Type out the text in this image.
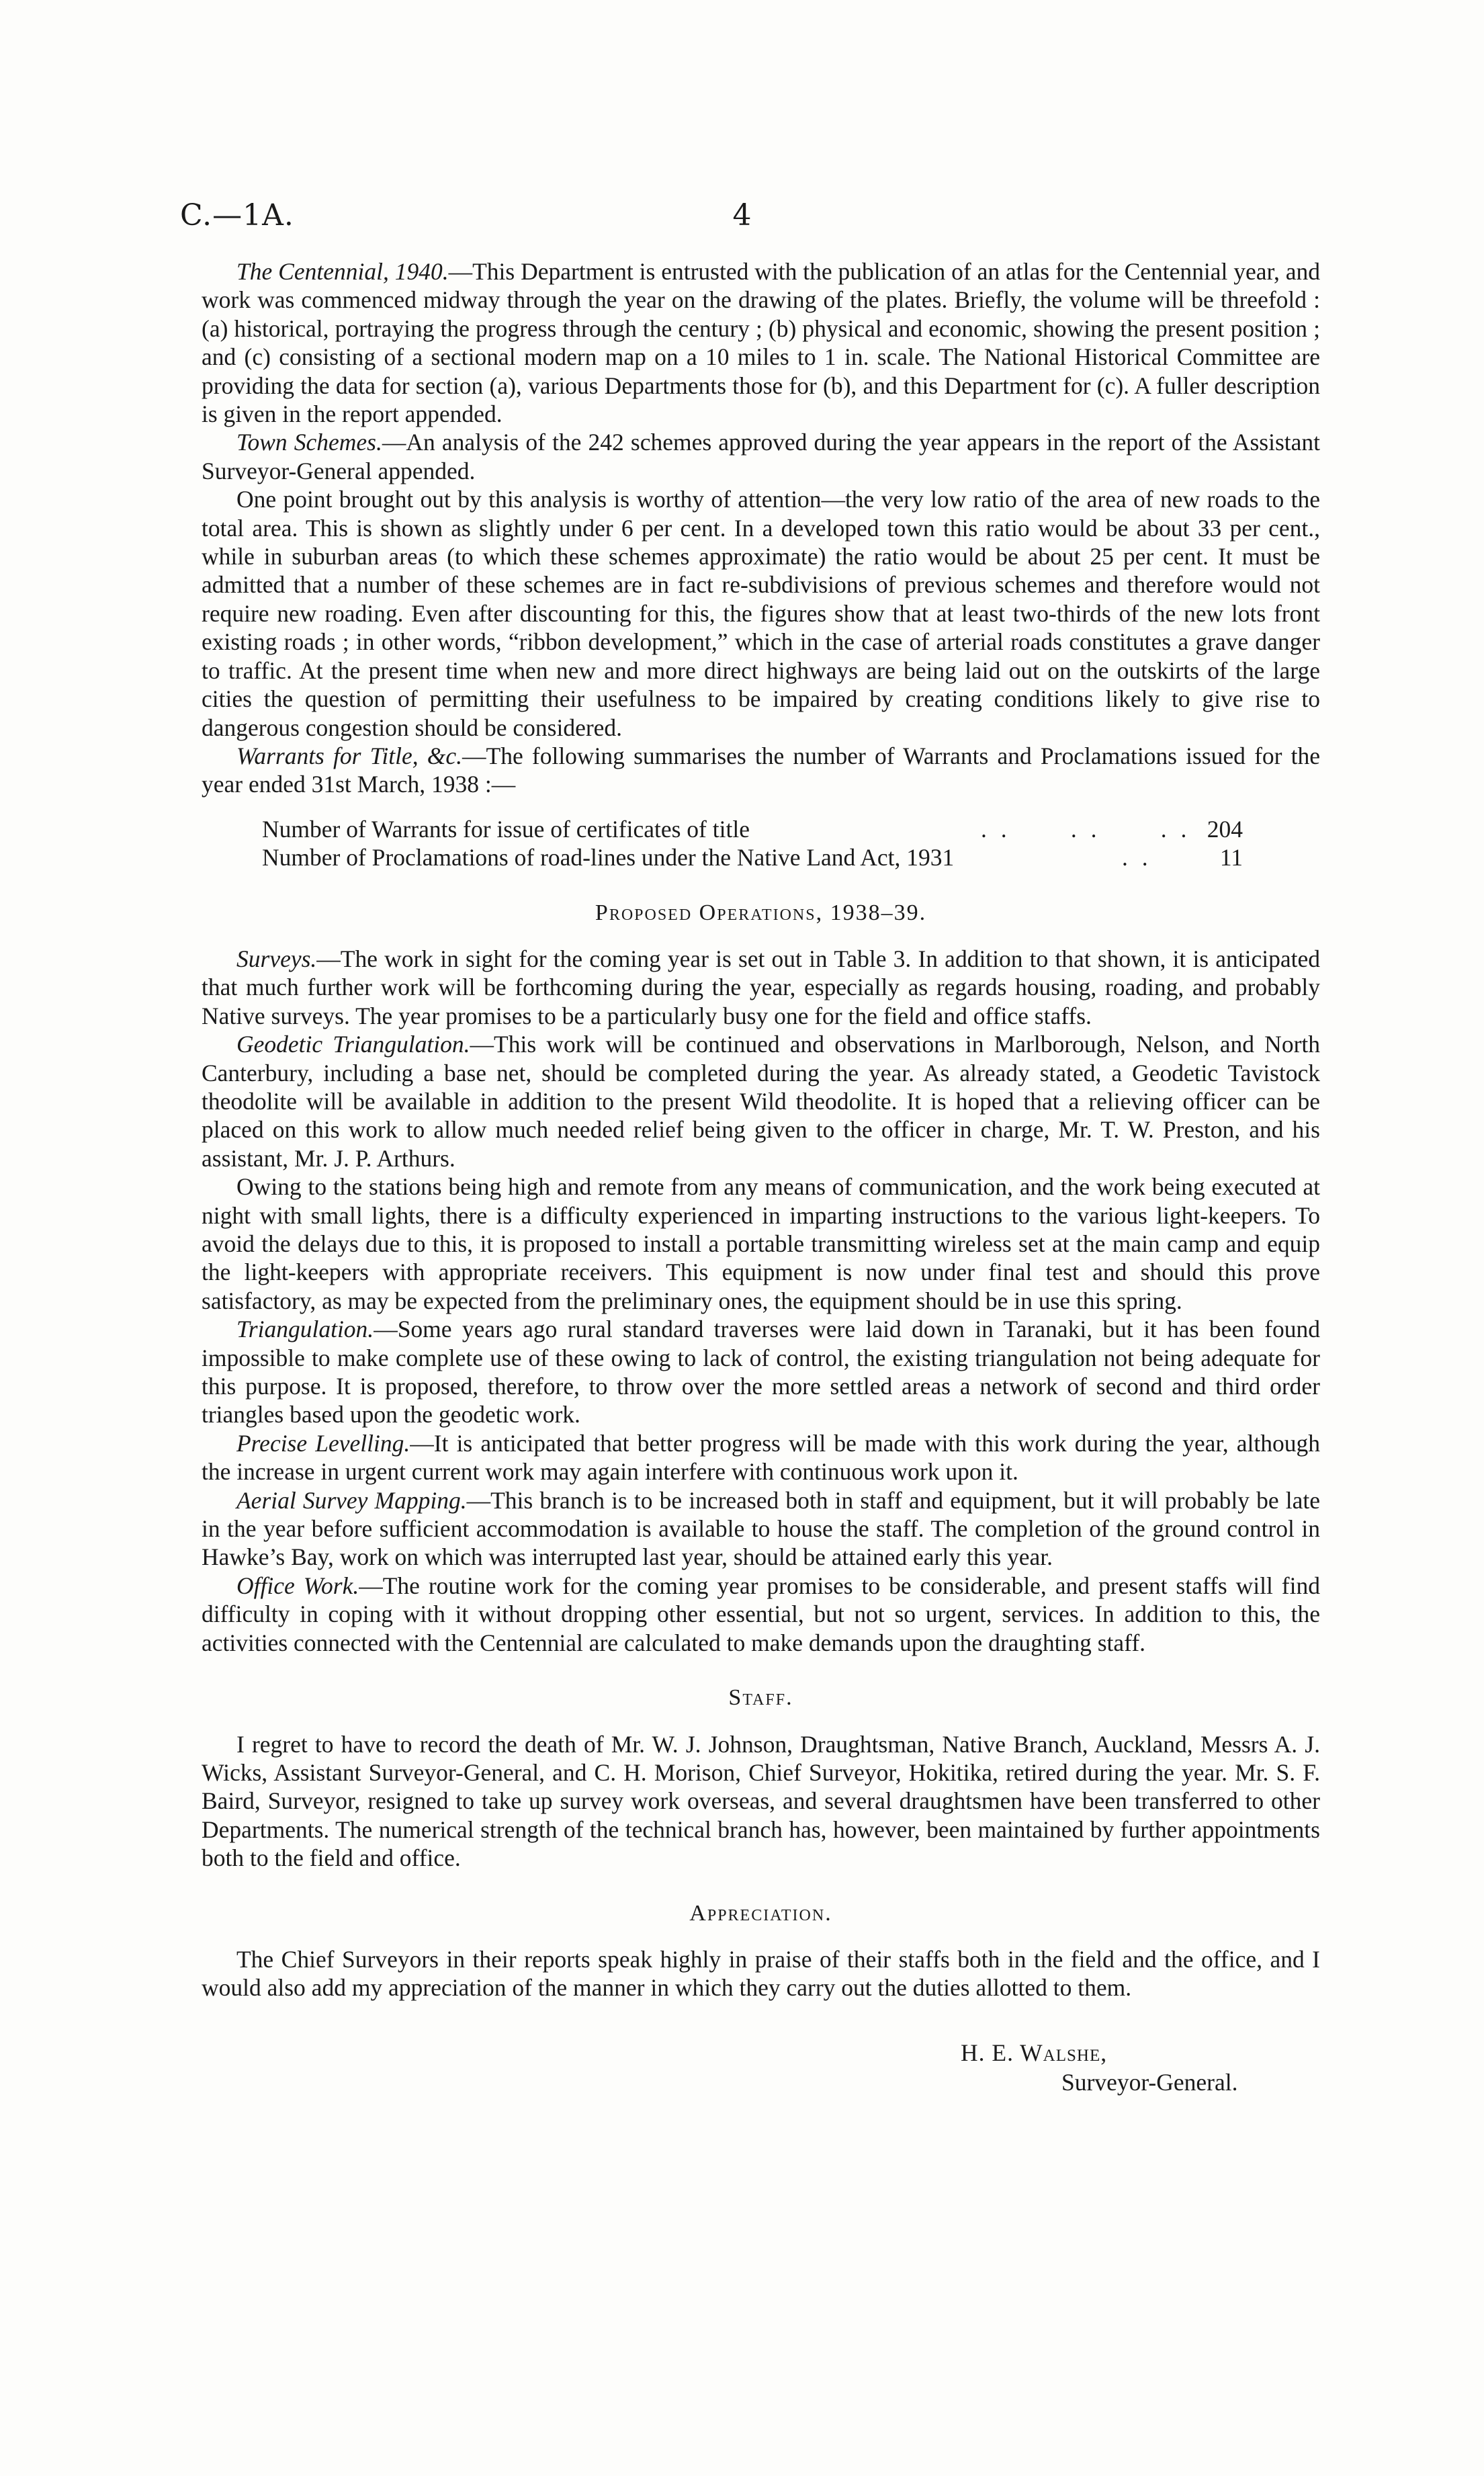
C.—1A.	4

The Centennial, 1940.—This Department is entrusted with the publication of an atlas for the Centennial year, and work was commenced midway through the year on the drawing of the plates. Briefly, the volume will be threefold : (a) historical, portraying the progress through the century ; (b) physical and economic, showing the present position ; and (c) consisting of a sectional modern map on a 10 miles to 1 in. scale. The National Historical Committee are providing the data for section (a), various Departments those for (b), and this Department for (c). A fuller description is given in the report appended.

Town Schemes.—An analysis of the 242 schemes approved during the year appears in the report of the Assistant Surveyor-General appended.

One point brought out by this analysis is worthy of attention—the very low ratio of the area of new roads to the total area. This is shown as slightly under 6 per cent. In a developed town this ratio would be about 33 per cent., while in suburban areas (to which these schemes approximate) the ratio would be about 25 per cent. It must be admitted that a number of these schemes are in fact re-subdivisions of previous schemes and therefore would not require new roading. Even after discounting for this, the figures show that at least two-thirds of the new lots front existing roads ; in other words, “ribbon development,” which in the case of arterial roads constitutes a grave danger to traffic. At the present time when new and more direct highways are being laid out on the outskirts of the large cities the question of permitting their usefulness to be impaired by creating conditions likely to give rise to dangerous congestion should be considered.

Warrants for Title, &c.—The following summarises the number of Warrants and Proclamations issued for the year ended 31st March, 1938 :—

Number of Warrants for issue of certificates of title	. .      . .      . . 204
Number of Proclamations of road-lines under the Native Land Act, 1931	. .	11
Proposed Operations, 1938–39.

Surveys.—The work in sight for the coming year is set out in Table 3. In addition to that shown, it is anticipated that much further work will be forthcoming during the year, especially as regards housing, roading, and probably Native surveys. The year promises to be a particularly busy one for the field and office staffs.

Geodetic Triangulation.—This work will be continued and observations in Marlborough, Nelson, and North Canterbury, including a base net, should be completed during the year. As already stated, a Geodetic Tavistock theodolite will be available in addition to the present Wild theodolite. It is hoped that a relieving officer can be placed on this work to allow much needed relief being given to the officer in charge, Mr. T. W. Preston, and his assistant, Mr. J. P. Arthurs.

Owing to the stations being high and remote from any means of communication, and the work being executed at night with small lights, there is a difficulty experienced in imparting instructions to the various light-keepers. To avoid the delays due to this, it is proposed to install a portable transmitting wireless set at the main camp and equip the light-keepers with appropriate receivers. This equipment is now under final test and should this prove satisfactory, as may be expected from the preliminary ones, the equipment should be in use this spring.

Triangulation.—Some years ago rural standard traverses were laid down in Taranaki, but it has been found impossible to make complete use of these owing to lack of control, the existing triangulation not being adequate for this purpose. It is proposed, therefore, to throw over the more settled areas a network of second and third order triangles based upon the geodetic work.

Precise Levelling.—It is anticipated that better progress will be made with this work during the year, although the increase in urgent current work may again interfere with continuous work upon it.

Aerial Survey Mapping.—This branch is to be increased both in staff and equipment, but it will probably be late in the year before sufficient accommodation is available to house the staff. The completion of the ground control in Hawke’s Bay, work on which was interrupted last year, should be attained early this year.

Office Work.—The routine work for the coming year promises to be considerable, and present staffs will find difficulty in coping with it without dropping other essential, but not so urgent, services. In addition to this, the activities connected with the Centennial are calculated to make demands upon the draughting staff.

Staff.

I regret to have to record the death of Mr. W. J. Johnson, Draughtsman, Native Branch, Auckland, Messrs A. J. Wicks, Assistant Surveyor-General, and C. H. Morison, Chief Surveyor, Hokitika, retired during the year. Mr. S. F. Baird, Surveyor, resigned to take up survey work overseas, and several draughtsmen have been transferred to other Departments. The numerical strength of the technical branch has, however, been maintained by further appointments both to the field and office.

Appreciation.

The Chief Surveyors in their reports speak highly in praise of their staffs both in the field and the office, and I would also add my appreciation of the manner in which they carry out the duties allotted to them.

H. E. Walshe,
Surveyor-General.
